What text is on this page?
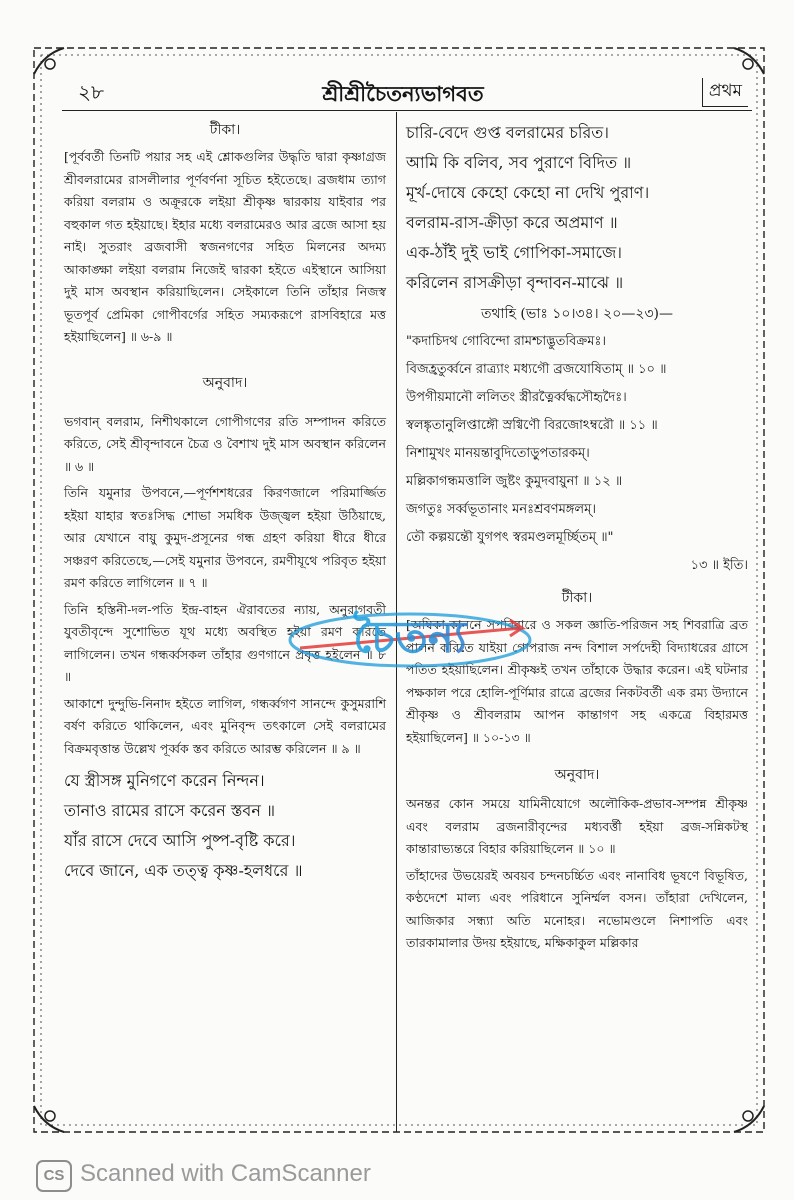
২৮	শ্রীশ্রীচৈতন্যভাগবত	প্রথম

টীকা।

[পূর্ববর্তী তিনটি পয়ার সহ এই শ্লোকগুলির উদ্ধৃতি দ্বারা কৃষ্ণাগ্রজ শ্রীবলরামের রাসলীলার পূর্ণবর্ণনা সূচিত হইতেছে। ব্রজধাম ত্যাগ করিয়া বলরাম ও অক্রূরকে লইয়া শ্রীকৃষ্ণ দ্বারকায় যাইবার পর বহুকাল গত হইয়াছে। ইহার মধ্যে বলরামেরও আর ব্রজে আসা হয় নাই। সুতরাং ব্রজবাসী স্বজনগণের সহিত মিলনের অদম্য আকাঙ্ক্ষা লইয়া বলরাম নিজেই দ্বারকা হইতে এইস্থানে আসিয়া দুই মাস অবস্থান করিয়াছিলেন। সেইকালে তিনি তাঁহার নিজস্ব ভূতপূর্ব প্রেমিকা গোপীবর্গের সহিত সম্যকরূপে রাসবিহারে মত্ত হইয়াছিলেন] ॥ ৬-৯ ॥

অনুবাদ।

ভগবান্ বলরাম, নিশীথকালে গোপীগণের রতি সম্পাদন করিতে করিতে, সেই শ্রীবৃন্দাবনে চৈত্র ও বৈশাখ দুই মাস অবস্থান করিলেন ॥ ৬ ॥

তিনি যমুনার উপবনে,—পূর্ণশশধরের কিরণজালে পরিমার্জ্জিত হইয়া যাহার স্বতঃসিদ্ধ শোভা সমধিক উজ্জ্বল হইয়া উঠিয়াছে, আর যেখানে বায়ু কুমুদ-প্রসূনের গন্ধ গ্রহণ করিয়া ধীরে ধীরে সঞ্চরণ করিতেছে,—সেই যমুনার উপবনে, রমণীযূথে পরিবৃত হইয়া রমণ করিতে লাগিলেন ॥ ৭ ॥

তিনি হস্তিনী-দল-পতি ইন্দ্র-বাহন ঐরাবতের ন্যায়, অনুরাগবতী যুবতীবৃন্দে সুশোভিত যূথ মধ্যে অবস্থিত হইয়া রমণ করিতে লাগিলেন। তখন গন্ধর্ব্বসকল তাঁহার গুণগানে প্রবৃত্ত হইলেন ॥ ৮ ॥

আকাশে দুন্দুভি-নিনাদ হইতে লাগিল, গন্ধর্ব্বগণ সানন্দে কুসুমরাশি বর্ষণ করিতে থাকিলেন, এবং মুনিবৃন্দ তৎকালে সেই বলরামের বিক্রমবৃত্তান্ত উল্লেখ পূর্ব্বক স্তব করিতে আরম্ভ করিলেন ॥ ৯ ॥

যে স্ত্রীসঙ্গ মুনিগণে করেন নিন্দন।

তানাও রামের রাসে করেন স্তবন ॥

যাঁর রাসে দেবে আসি পুষ্প-বৃষ্টি করে।

দেবে জানে, এক তত্ত্ব কৃষ্ণ-হলধরে ॥

চারি-বেদে গুপ্ত বলরামের চরিত।

আমি কি বলিব, সব পুরাণে বিদিত ॥

মূর্খ-দোষে কেহো কেহো না দেখি পুরাণ।

বলরাম-রাস-ক্রীড়া করে অপ্রমাণ ॥

এক-ঠাঁই দুই ভাই গোপিকা-সমাজে।

করিলেন রাসক্রীড়া বৃন্দাবন-মাঝে ॥

তথাহি (ভাঃ ১০।৩৪। ২০—২৩)—

"কদাচিদথ গোবিন্দো রামশ্চাদ্ভুতবিক্রমঃ।

বিজহ্রতুর্ব্বনে রাত্র্যাং মধ্যগৌ ব্রজযোষিতাম্ ॥ ১০ ॥

উপগীয়মানৌ ললিতং স্ত্রীরত্নৈর্ব্বদ্ধসৌহৃদৈঃ।

স্বলঙ্কৃতানুলিপ্তাঙ্গৌ স্রগ্বিণৌ বিরজোঽম্বরৌ ॥ ১১ ॥

নিশামুখং মানয়ন্তাবুদিতোড়ুপতারকম্।

মল্লিকাগন্ধমত্তালি জুষ্টং কুমুদবায়ুনা ॥ ১২ ॥

জগতুঃ সর্ব্বভূতানাং মনঃশ্রবণমঙ্গলম্।

তৌ কল্পয়ন্তৌ যুগপৎ স্বরমণ্ডলমূর্চ্ছিতম্ ॥"

১৩ ॥ ইতি।

টীকা।

[অম্বিকা-কাননে সপরিবারে ও সকল জ্ঞাতি-পরিজন সহ শিবরাত্রি ব্রত পালন করিতে যাইয়া গোপরাজ নন্দ বিশাল সর্পদেহী বিদ্যাধরের গ্রাসে পতিত হইয়াছিলেন। শ্রীকৃষ্ণই তখন তাঁহাকে উদ্ধার করেন। এই ঘটনার পক্ষকাল পরে হোলি-পূর্ণিমার রাত্রে ব্রজের নিকটবর্তী এক রম্য উদ্যানে শ্রীকৃষ্ণ ও শ্রীবলরাম আপন কান্তাগণ সহ একত্রে বিহারমত্ত হইয়াছিলেন] ॥ ১০-১৩ ॥

অনুবাদ।

অনন্তর কোন সময়ে যামিনীযোগে অলৌকিক-প্রভাব-সম্পন্ন শ্রীকৃষ্ণ এবং বলরাম ব্রজনারীবৃন্দের মধ্যবর্ত্তী হইয়া ব্রজ-সন্নিকটস্থ কান্তারাভ্যন্তরে বিহার করিয়াছিলেন ॥ ১০ ॥

তাঁহাদের উভয়েরই অবয়ব চন্দনচর্চ্চিত এবং নানাবিধ ভূষণে বিভূষিত, কণ্ঠদেশে মাল্য এবং পরিধানে সুনির্ম্মল বসন। তাঁহারা দেখিলেন, আজিকার সন্ধ্যা অতি মনোহর। নভোমণ্ডলে নিশাপতি এবং তারকামালার উদয় হইয়াছে, মক্ষিকাকুল মল্লিকার

চৈতন্য
CS Scanned with CamScanner
